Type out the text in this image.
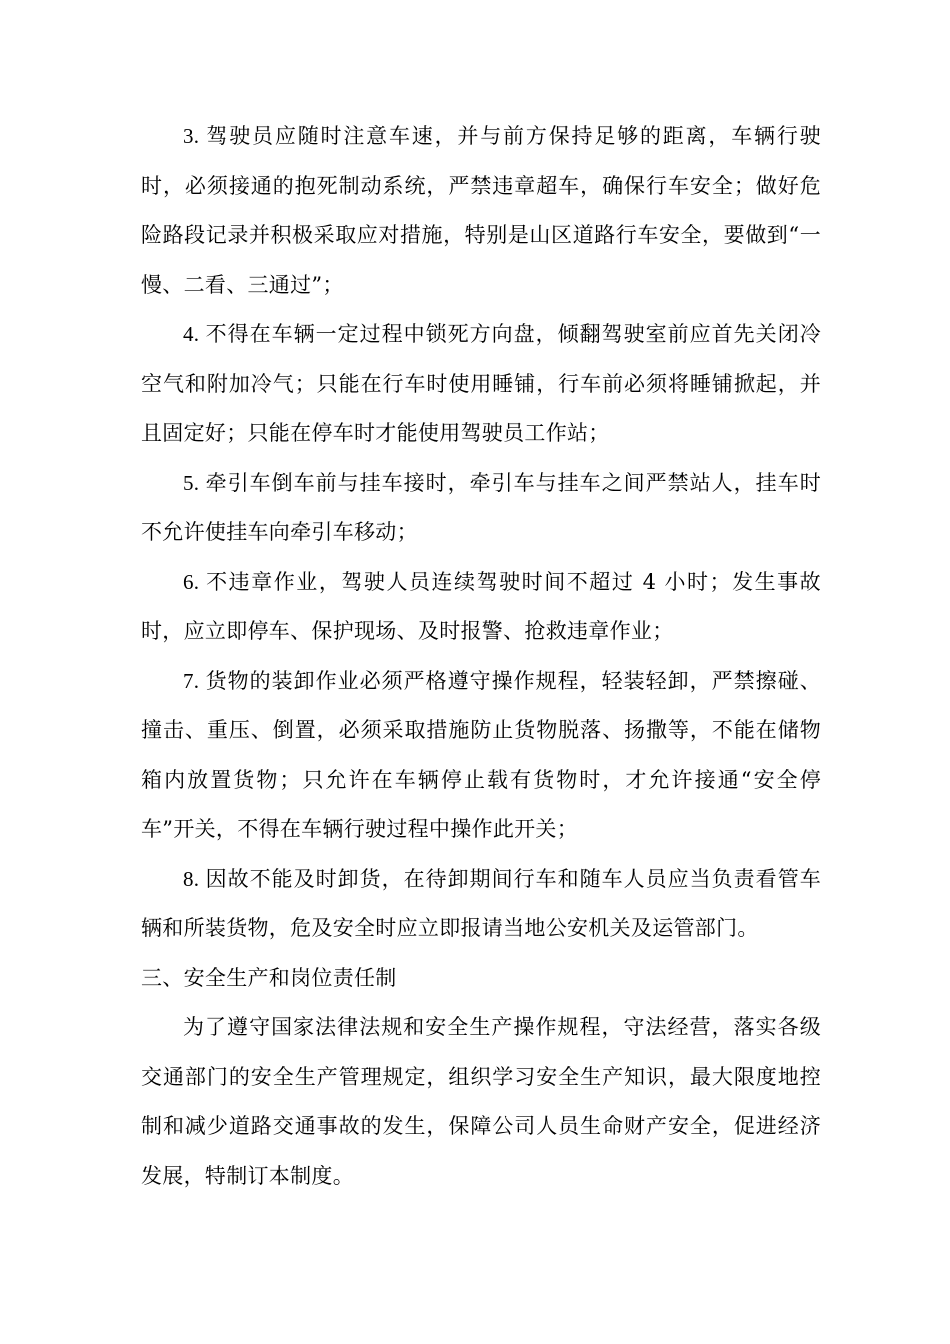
3. 驾驶员应随时注意车速，并与前方保持足够的距离，车辆行驶时，必须接通的抱死制动系统，严禁违章超车，确保行车安全；做好危险路段记录并积极采取应对措施，特别是山区道路行车安全，要做到“一慢、二看、三通过”；

4. 不得在车辆一定过程中锁死方向盘，倾翻驾驶室前应首先关闭冷空气和附加冷气；只能在行车时使用睡铺，行车前必须将睡铺掀起，并且固定好；只能在停车时才能使用驾驶员工作站；

5. 牵引车倒车前与挂车接时，牵引车与挂车之间严禁站人，挂车时不允许使挂车向牵引车移动；

6. 不违章作业，驾驶人员连续驾驶时间不超过 4 小时；发生事故时，应立即停车、保护现场、及时报警、抢救违章作业；

7. 货物的装卸作业必须严格遵守操作规程，轻装轻卸，严禁擦碰、撞击、重压、倒置，必须采取措施防止货物脱落、扬撒等，不能在储物箱内放置货物；只允许在车辆停止载有货物时，才允许接通“安全停车”开关，不得在车辆行驶过程中操作此开关；

8. 因故不能及时卸货，在待卸期间行车和随车人员应当负责看管车辆和所装货物，危及安全时应立即报请当地公安机关及运管部门。

三、安全生产和岗位责任制

为了遵守国家法律法规和安全生产操作规程，守法经营，落实各级交通部门的安全生产管理规定，组织学习安全生产知识，最大限度地控制和减少道路交通事故的发生，保障公司人员生命财产安全，促进经济发展，特制订本制度。
